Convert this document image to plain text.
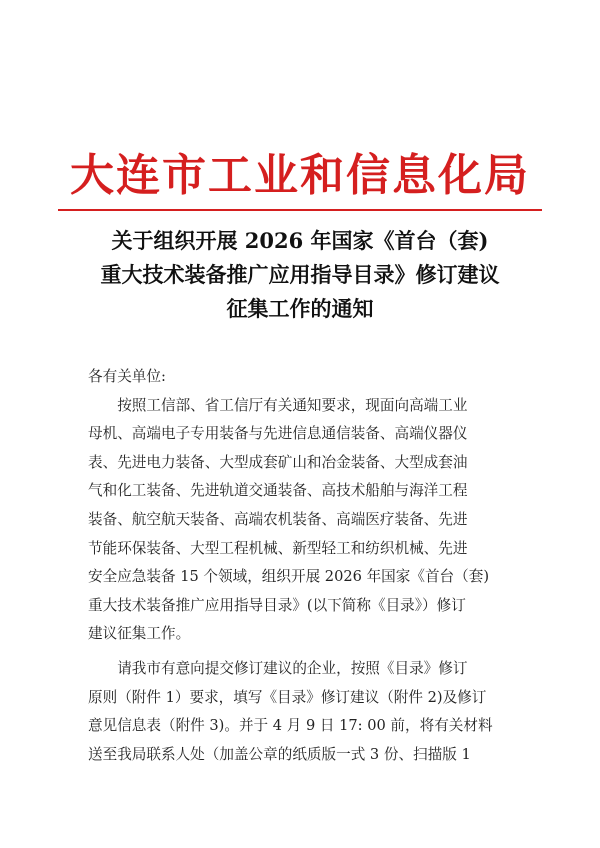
大连市工业和信息化局
关于组织开展 2026 年国家《首台（套)
重大技术装备推广应用指导目录》修订建议
征集工作的通知
各有关单位:
　　按照工信部、省工信厅有关通知要求，现面向高端工业
母机、高端电子专用装备与先进信息通信装备、高端仪器仪
表、先进电力装备、大型成套矿山和冶金装备、大型成套油
气和化工装备、先进轨道交通装备、高技术船舶与海洋工程
装备、航空航天装备、高端农机装备、高端医疗装备、先进
节能环保装备、大型工程机械、新型轻工和纺织机械、先进
安全应急装备 15 个领域，组织开展 2026 年国家《首台（套)
重大技术装备推广应用指导目录》(以下简称《目录》）修订
建议征集工作。
　　请我市有意向提交修订建议的企业，按照《目录》修订
原则（附件 1）要求，填写《目录》修订建议（附件 2)及修订
意见信息表（附件 3)。并于 4 月 9 日 17: 00 前，将有关材料
送至我局联系人处（加盖公章的纸质版一式 3 份、扫描版 1
